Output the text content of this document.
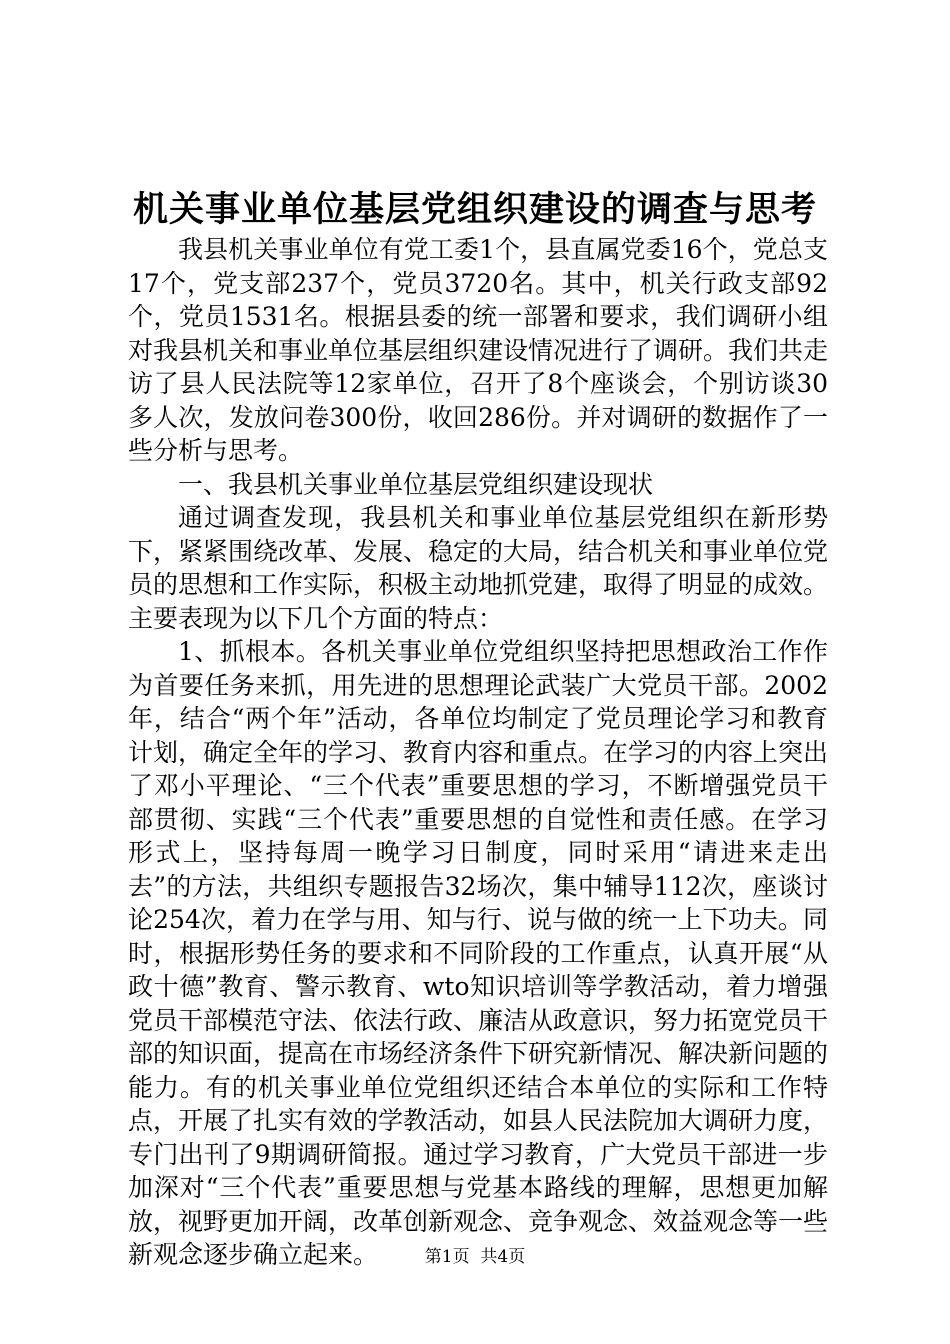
机关事业单位基层党组织建设的调查与思考

我县机关事业单位有党工委1个，县直属党委16个，党总支17个，党支部237个，党员3720名。其中，机关行政支部92个，党员1531名。根据县委的统一部署和要求，我们调研小组对我县机关和事业单位基层组织建设情况进行了调研。我们共走访了县人民法院等12家单位，召开了8个座谈会，个别访谈30多人次，发放问卷300份，收回286份。并对调研的数据作了一些分析与思考。

一、我县机关事业单位基层党组织建设现状

通过调查发现，我县机关和事业单位基层党组织在新形势下，紧紧围绕改革、发展、稳定的大局，结合机关和事业单位党员的思想和工作实际，积极主动地抓党建，取得了明显的成效。主要表现为以下几个方面的特点：

1、抓根本。各机关事业单位党组织坚持把思想政治工作作为首要任务来抓，用先进的思想理论武装广大党员干部。2002年，结合“两个年”活动，各单位均制定了党员理论学习和教育计划，确定全年的学习、教育内容和重点。在学习的内容上突出了邓小平理论、“三个代表”重要思想的学习，不断增强党员干部贯彻、实践“三个代表”重要思想的自觉性和责任感。在学习形式上，坚持每周一晚学习日制度，同时采用“请进来走出去”的方法，共组织专题报告32场次，集中辅导112次，座谈讨论254次，着力在学与用、知与行、说与做的统一上下功夫。同时，根据形势任务的要求和不同阶段的工作重点，认真开展“从政十德”教育、警示教育、wto知识培训等学教活动，着力增强党员干部模范守法、依法行政、廉洁从政意识，努力拓宽党员干部的知识面，提高在市场经济条件下研究新情况、解决新问题的能力。有的机关事业单位党组织还结合本单位的实际和工作特点，开展了扎实有效的学教活动，如县人民法院加大调研力度，专门出刊了9期调研简报。通过学习教育，广大党员干部进一步加深对“三个代表”重要思想与党基本路线的理解，思想更加解放，视野更加开阔，改革创新观念、竞争观念、效益观念等一些新观念逐步确立起来。	第1页 共4页
